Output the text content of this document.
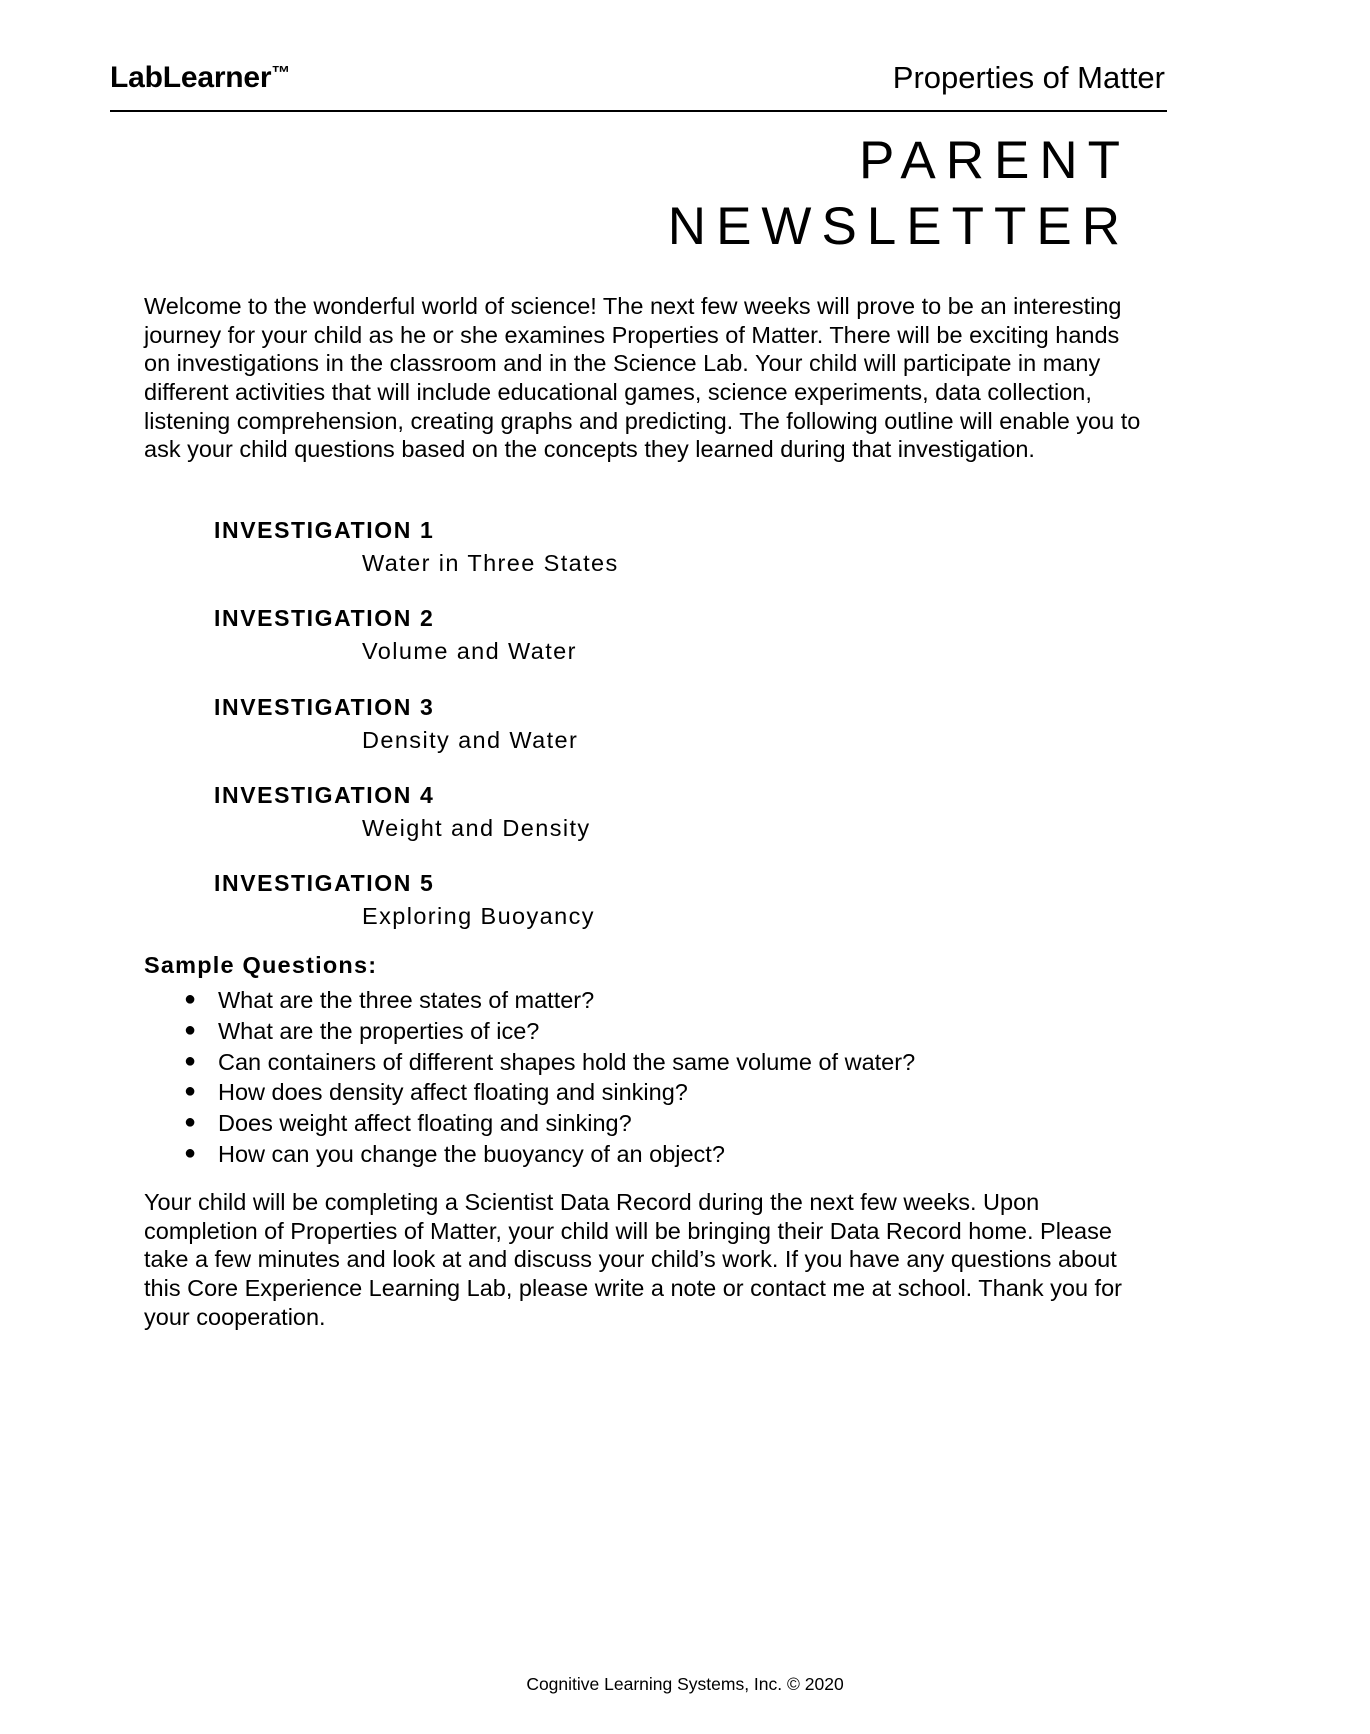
LabLearner™	Properties of Matter
PARENT
NEWSLETTER
Welcome to the wonderful world of science! The next few weeks will prove to be an interesting journey for your child as he or she examines Properties of Matter. There will be exciting hands on investigations in the classroom and in the Science Lab. Your child will participate in many different activities that will include educational games, science experiments, data collection, listening comprehension, creating graphs and predicting. The following outline will enable you to ask your child questions based on the concepts they learned during that investigation.
INVESTIGATION 1
Water in Three States
INVESTIGATION 2
Volume and Water
INVESTIGATION 3
Density and Water
INVESTIGATION 4
Weight and Density
INVESTIGATION 5
Exploring Buoyancy
Sample Questions:
● What are the three states of matter?
● What are the properties of ice?
● Can containers of different shapes hold the same volume of water?
● How does density affect floating and sinking?
● Does weight affect floating and sinking?
● How can you change the buoyancy of an object?
Your child will be completing a Scientist Data Record during the next few weeks. Upon completion of Properties of Matter, your child will be bringing their Data Record home. Please take a few minutes and look at and discuss your child’s work. If you have any questions about this Core Experience Learning Lab, please write a note or contact me at school. Thank you for your cooperation.
Cognitive Learning Systems, Inc. © 2020
